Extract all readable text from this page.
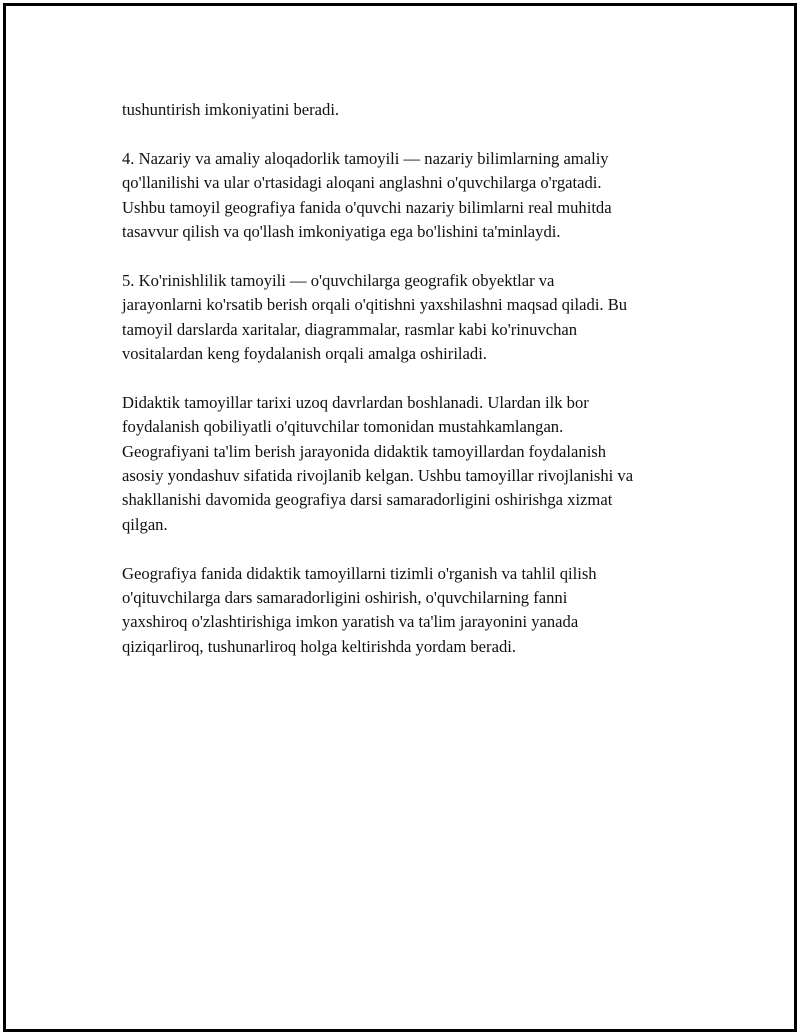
tushuntirish imkoniyatini beradi.

4. Nazariy va amaliy aloqadorlik tamoyili — nazariy bilimlarning amaliy
qo'llanilishi va ular o'rtasidagi aloqani anglashni o'quvchilarga o'rgatadi.
Ushbu tamoyil geografiya fanida o'quvchi nazariy bilimlarni real muhitda
tasavvur qilish va qo'llash imkoniyatiga ega bo'lishini ta'minlaydi.

5. Ko'rinishlilik tamoyili — o'quvchilarga geografik obyektlar va
jarayonlarni ko'rsatib berish orqali o'qitishni yaxshilashni maqsad qiladi. Bu
tamoyil darslarda xaritalar, diagrammalar, rasmlar kabi ko'rinuvchan
vositalardan keng foydalanish orqali amalga oshiriladi.

Didaktik tamoyillar tarixi uzoq davrlardan boshlanadi. Ulardan ilk bor
foydalanish qobiliyatli o'qituvchilar tomonidan mustahkamlangan.
Geografiyani ta'lim berish jarayonida didaktik tamoyillardan foydalanish
asosiy yondashuv sifatida rivojlanib kelgan. Ushbu tamoyillar rivojlanishi va
shakllanishi davomida geografiya darsi samaradorligini oshirishga xizmat
qilgan.

Geografiya fanida didaktik tamoyillarni tizimli o'rganish va tahlil qilish
o'qituvchilarga dars samaradorligini oshirish, o'quvchilarning fanni
yaxshiroq o'zlashtirishiga imkon yaratish va ta'lim jarayonini yanada
qiziqarliroq, tushunarliroq holga keltirishda yordam beradi.
